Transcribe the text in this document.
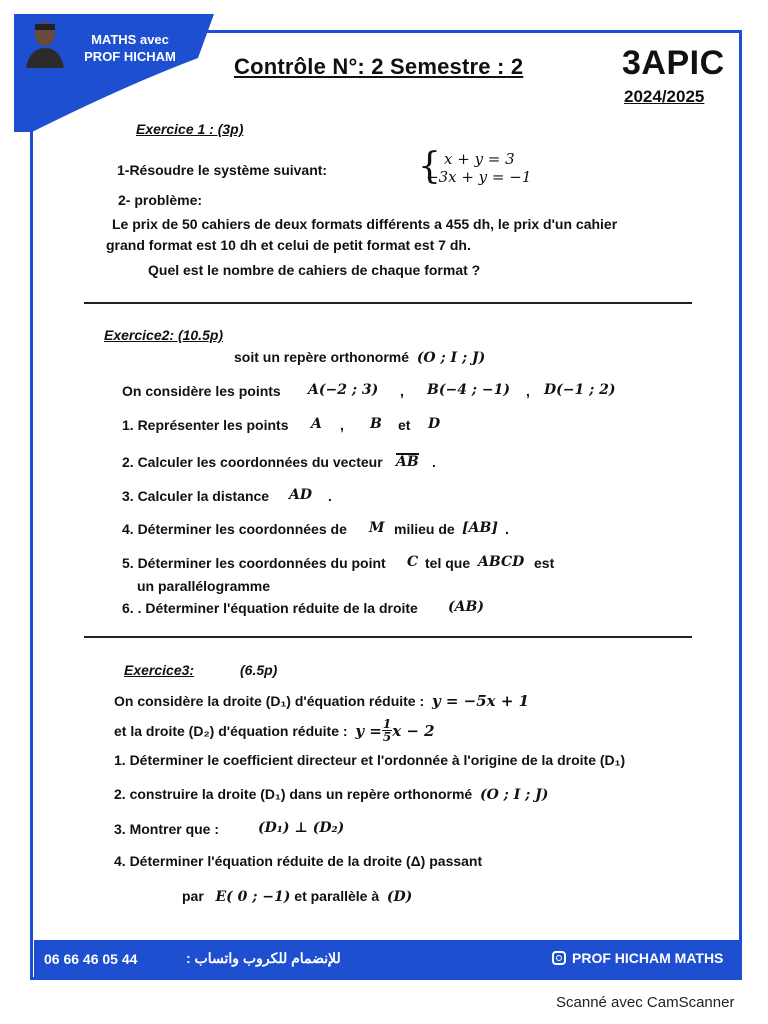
MATHS avec
PROF HICHAM	Contrôle N°: 2 Semestre : 2	3APIC
2024/2025
Exercice 1 : (3p)
1-Résoudre le système suivant:	{ x + y = 3
−3x + y = −1
2- problème:
Le prix de 50 cahiers de deux formats différents a 455 dh, le prix d'un cahier
grand format est 10 dh et celui de petit format est 7 dh.
Quel est le nombre de cahiers de chaque format ?
Exercice2: (10.5p)
soit un repère orthonormé (O ; I ; J)
On considère les points A(−2 ; 3) , B(−4 ; −1) , D(−1 ; 2)
1. Représenter les points A , B et D
2. Calculer les coordonnées du vecteur AB .
3. Calculer la distance AD .
4. Déterminer les coordonnées de M milieu de [AB] .
5. Déterminer les coordonnées du point C tel que ABCD est
un parallélogramme
6. . Déterminer l'équation réduite de la droite (AB)
Exercice3:	(6.5p)
On considère la droite (D₁) d'équation réduite : y = −5x + 1
et la droite (D₂) d'équation réduite :
$y = \frac{1}{5}$ x − 2
1. Déterminer le coefficient directeur et l'ordonnée à l'origine de la droite (D₁)
2. construire la droite (D₁) dans un repère orthonormé (O ; I ; J)
3. Montrer que :	(D₁) ⊥ (D₂)
4. Déterminer l'équation réduite de la droite (Δ) passant
par E( 0 ; −1) et parallèle à (D)
06 66 46 05 44	للإنضمام للكروب واتساب :	PROF HICHAM MATHS
Scanné avec CamScanner
